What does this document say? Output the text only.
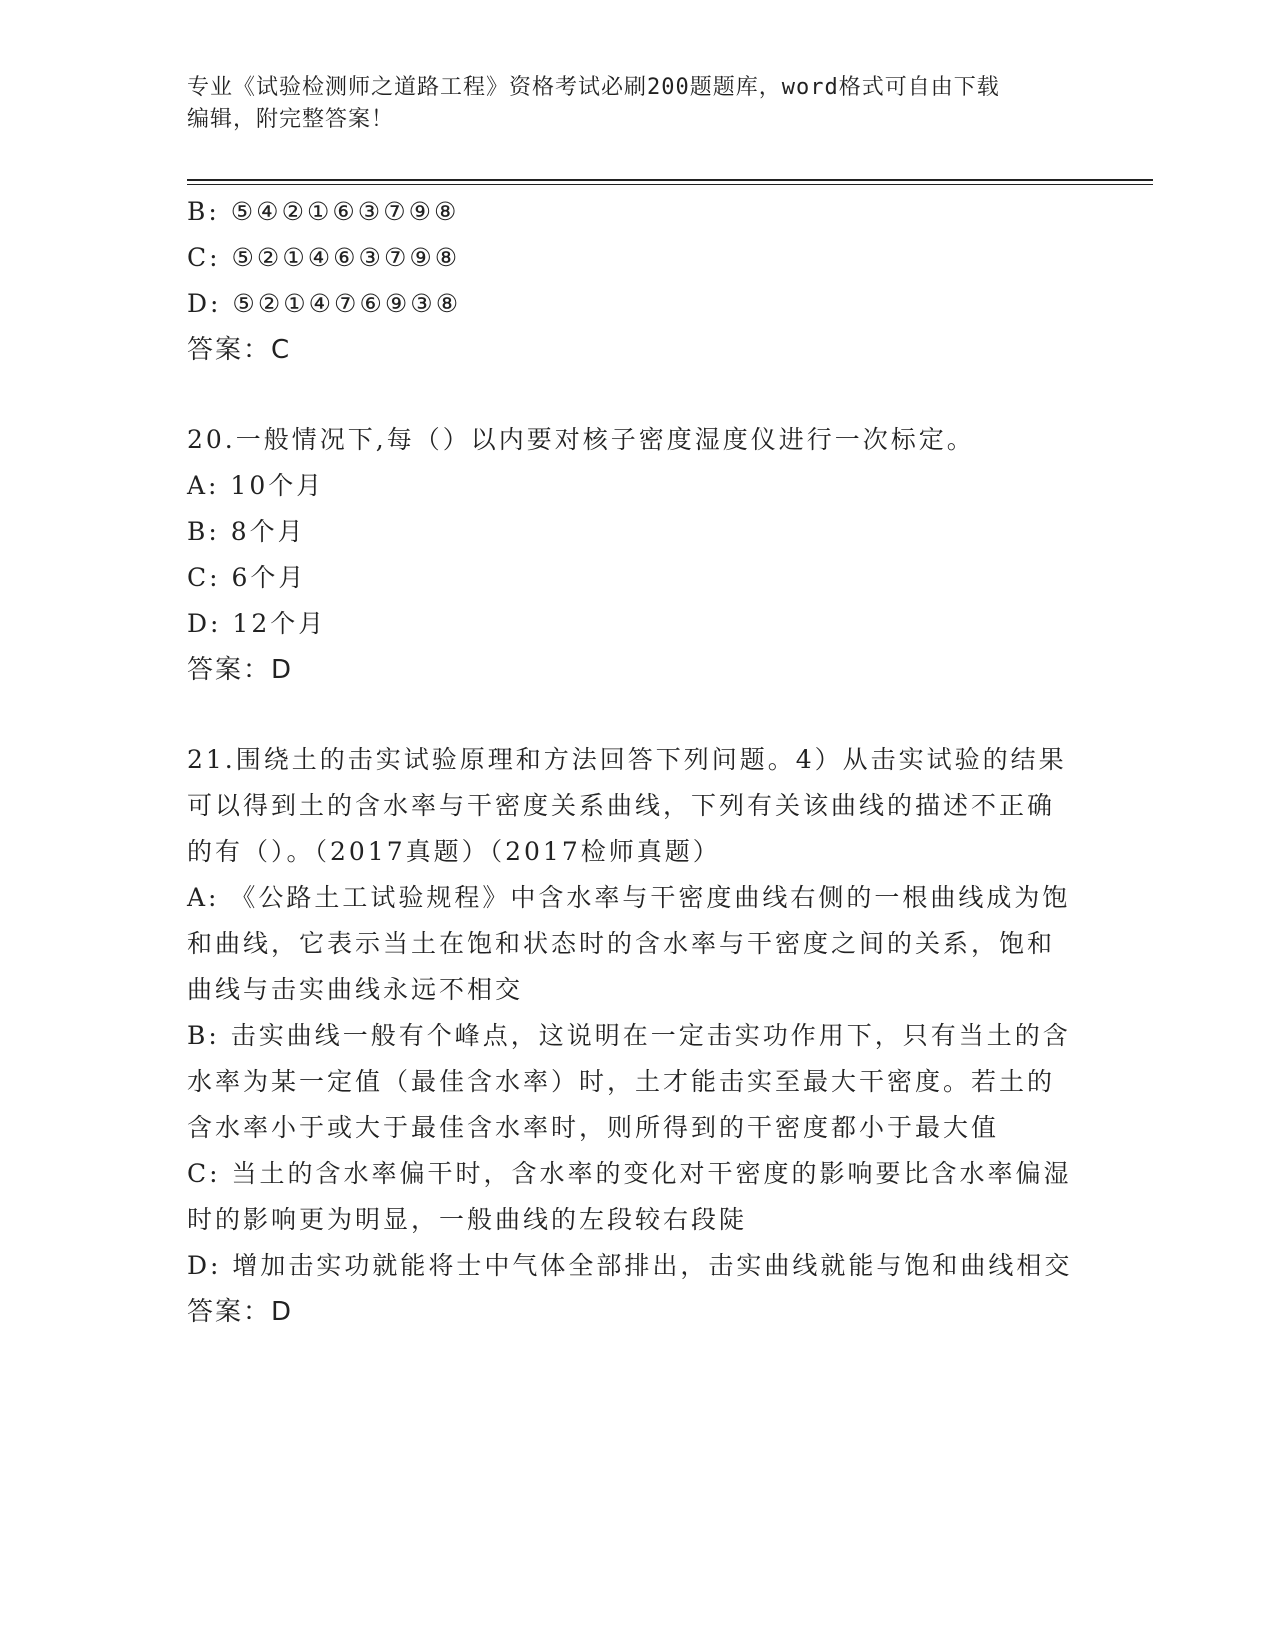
专业《试验检测师之道路工程》资格考试必刷200题题库，word格式可自由下载
编辑，附完整答案！
B: ⑤④②①⑥③⑦⑨⑧
C: ⑤②①④⑥③⑦⑨⑧
D: ⑤②①④⑦⑥⑨③⑧
答案：C
20.一般情况下,每（）以内要对核子密度湿度仪进行一次标定。
A: 10个月
B: 8个月
C: 6个月
D: 12个月
答案：D
21.围绕土的击实试验原理和方法回答下列问题。4）从击实试验的结果可以得到土的含水率与干密度关系曲线，下列有关该曲线的描述不正确的有（）。（2017真题）（2017检师真题）
A: 《公路土工试验规程》中含水率与干密度曲线右侧的一根曲线成为饱和曲线，它表示当土在饱和状态时的含水率与干密度之间的关系，饱和曲线与击实曲线永远不相交
B: 击实曲线一般有个峰点，这说明在一定击实功作用下，只有当土的含水率为某一定值（最佳含水率）时，土才能击实至最大干密度。若土的含水率小于或大于最佳含水率时，则所得到的干密度都小于最大值
C: 当土的含水率偏干时，含水率的变化对干密度的影响要比含水率偏湿时的影响更为明显，一般曲线的左段较右段陡
D: 增加击实功就能将士中气体全部排出，击实曲线就能与饱和曲线相交
答案：D
